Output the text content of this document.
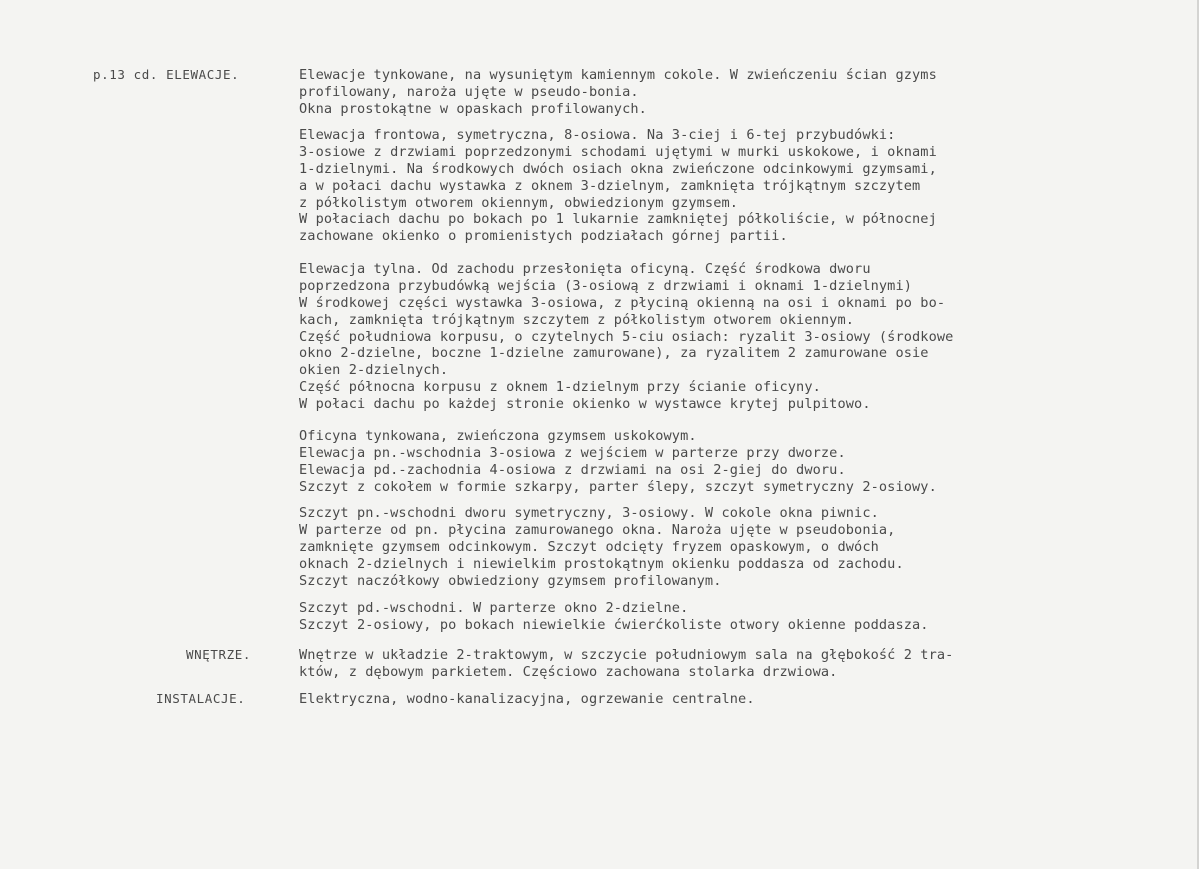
p.13 cd. ELEWACJE.	Elewacje tynkowane, na wysuniętym kamiennym cokole. W zwieńczeniu ścian gzyms
profilowany, naroża ujęte w pseudo-bonia.
Okna prostokątne w opaskach profilowanych.
Elewacja frontowa, symetryczna, 8-osiowa. Na 3-ciej i 6-tej przybudówki:
3-osiowe z drzwiami poprzedzonymi schodami ujętymi w murki uskokowe, i oknami
1-dzielnymi. Na środkowych dwóch osiach okna zwieńczone odcinkowymi gzymsami,
a w połaci dachu wystawka z oknem 3-dzielnym, zamknięta trójkątnym szczytem
z półkolistym otworem okiennym, obwiedzionym gzymsem.
W połaciach dachu po bokach po 1 lukarnie zamkniętej półkoliście, w północnej
zachowane okienko o promienistych podziałach górnej partii.
Elewacja tylna. Od zachodu przesłonięta oficyną. Część środkowa dworu
poprzedzona przybudówką wejścia (3-osiową z drzwiami i oknami 1-dzielnymi)
W środkowej części wystawka 3-osiowa, z płyciną okienną na osi i oknami po bo-
kach, zamknięta trójkątnym szczytem z półkolistym otworem okiennym.
Część południowa korpusu, o czytelnych 5-ciu osiach: ryzalit 3-osiowy (środkowe
okno 2-dzielne, boczne 1-dzielne zamurowane), za ryzalitem 2 zamurowane osie
okien 2-dzielnych.
Część północna korpusu z oknem 1-dzielnym przy ścianie oficyny.
W połaci dachu po każdej stronie okienko w wystawce krytej pulpitowo.
Oficyna tynkowana, zwieńczona gzymsem uskokowym.
Elewacja pn.-wschodnia 3-osiowa z wejściem w parterze przy dworze.
Elewacja pd.-zachodnia 4-osiowa z drzwiami na osi 2-giej do dworu.
Szczyt z cokołem w formie szkarpy, parter ślepy, szczyt symetryczny 2-osiowy.
Szczyt pn.-wschodni dworu symetryczny, 3-osiowy. W cokole okna piwnic.
W parterze od pn. płycina zamurowanego okna. Naroża ujęte w pseudobonia,
zamknięte gzymsem odcinkowym. Szczyt odcięty fryzem opaskowym, o dwóch
oknach 2-dzielnych i niewielkim prostokątnym okienku poddasza od zachodu.
Szczyt naczółkowy obwiedziony gzymsem profilowanym.
Szczyt pd.-wschodni. W parterze okno 2-dzielne.
Szczyt 2-osiowy, po bokach niewielkie ćwierćkoliste otwory okienne poddasza.
WNĘTRZE.	Wnętrze w układzie 2-traktowym, w szczycie południowym sala na głębokość 2 tra-
któw, z dębowym parkietem. Częściowo zachowana stolarka drzwiowa.
INSTALACJE.	Elektryczna, wodno-kanalizacyjna, ogrzewanie centralne.
